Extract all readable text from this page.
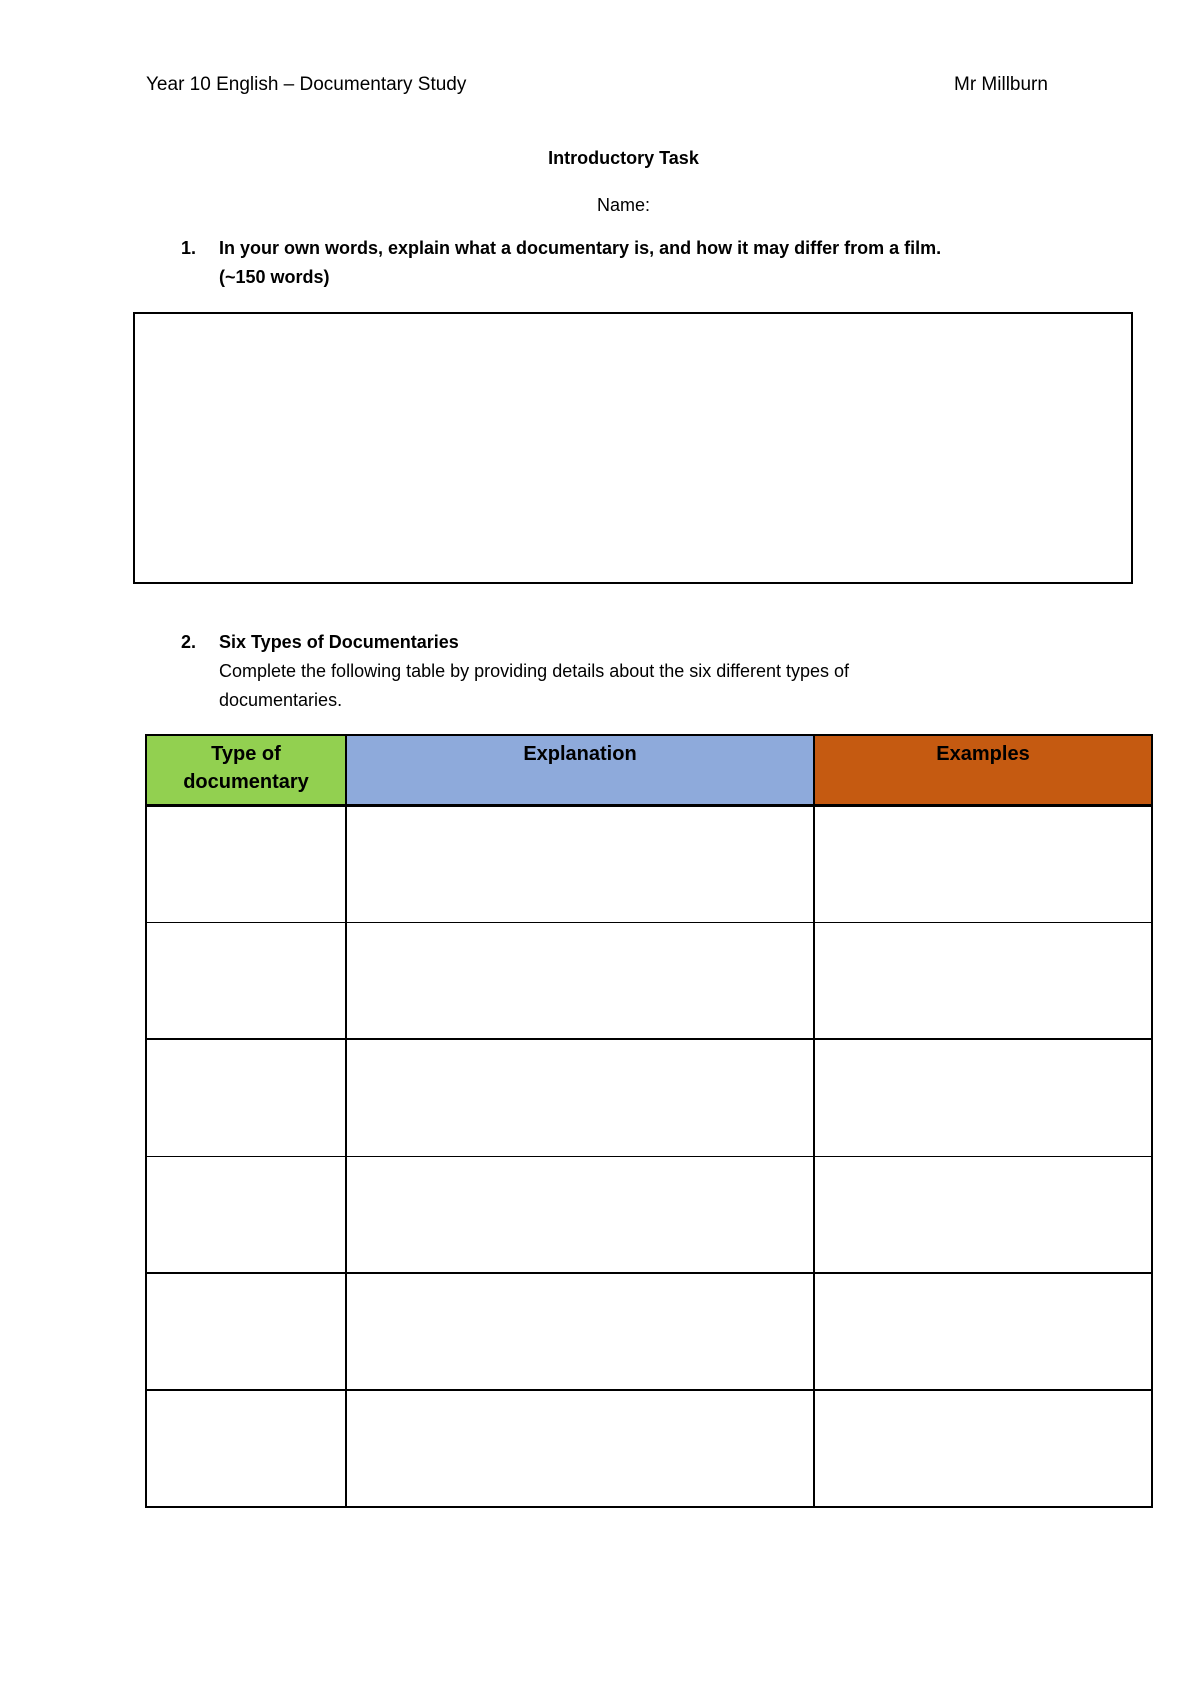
Year 10 English – Documentary Study	Mr Millburn
Introductory Task
Name:
1. In your own words, explain what a documentary is, and how it may differ from a film.
(~150 words)
2. Six Types of Documentaries
Complete the following table by providing details about the six different types of
documentaries.
Type of
documentary	Explanation	Examples
